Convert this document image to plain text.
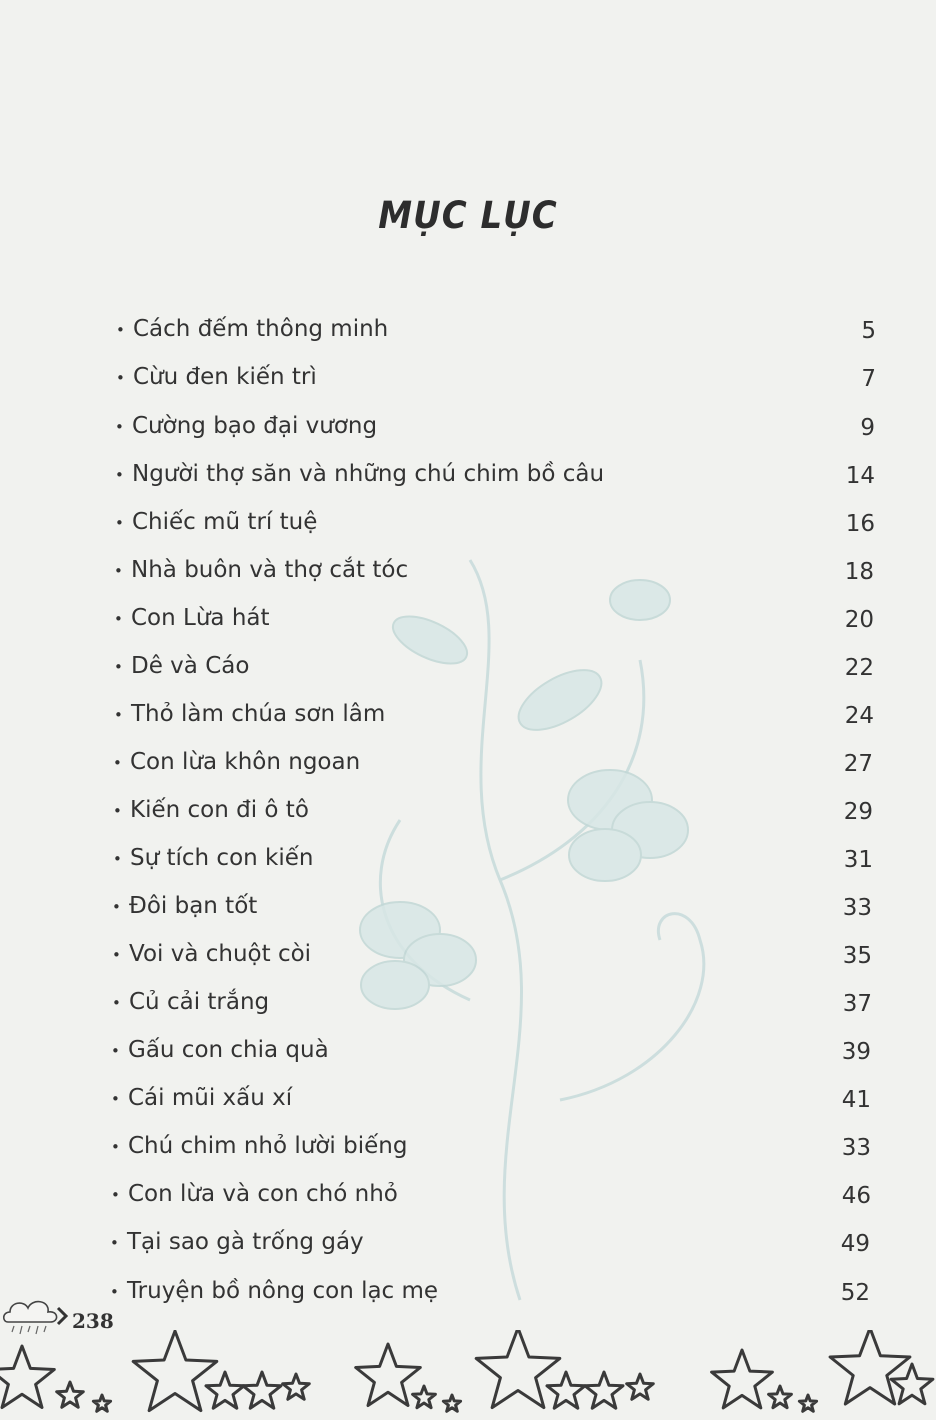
MỤC LỤC
• Cách đếm thông minh	5
• Cừu đen kiến trì	7
• Cường bạo đại vương	9
• Người thợ săn và những chú chim bồ câu	14
• Chiếc mũ trí tuệ	16
• Nhà buôn và thợ cắt tóc	18
• Con Lừa hát	20
• Dê và Cáo	22
• Thỏ làm chúa sơn lâm	24
• Con lừa khôn ngoan	27
• Kiến con đi ô tô	29
• Sự tích con kiến	31
• Đôi bạn tốt	33
• Voi và chuột còi	35
• Củ cải trắng	37
• Gấu con chia quà	39
• Cái mũi xấu xí	41
• Chú chim nhỏ lười biếng	33
• Con lừa và con chó nhỏ	46
• Tại sao gà trống gáy	49
• Truyện bồ nông con lạc mẹ	52
238
